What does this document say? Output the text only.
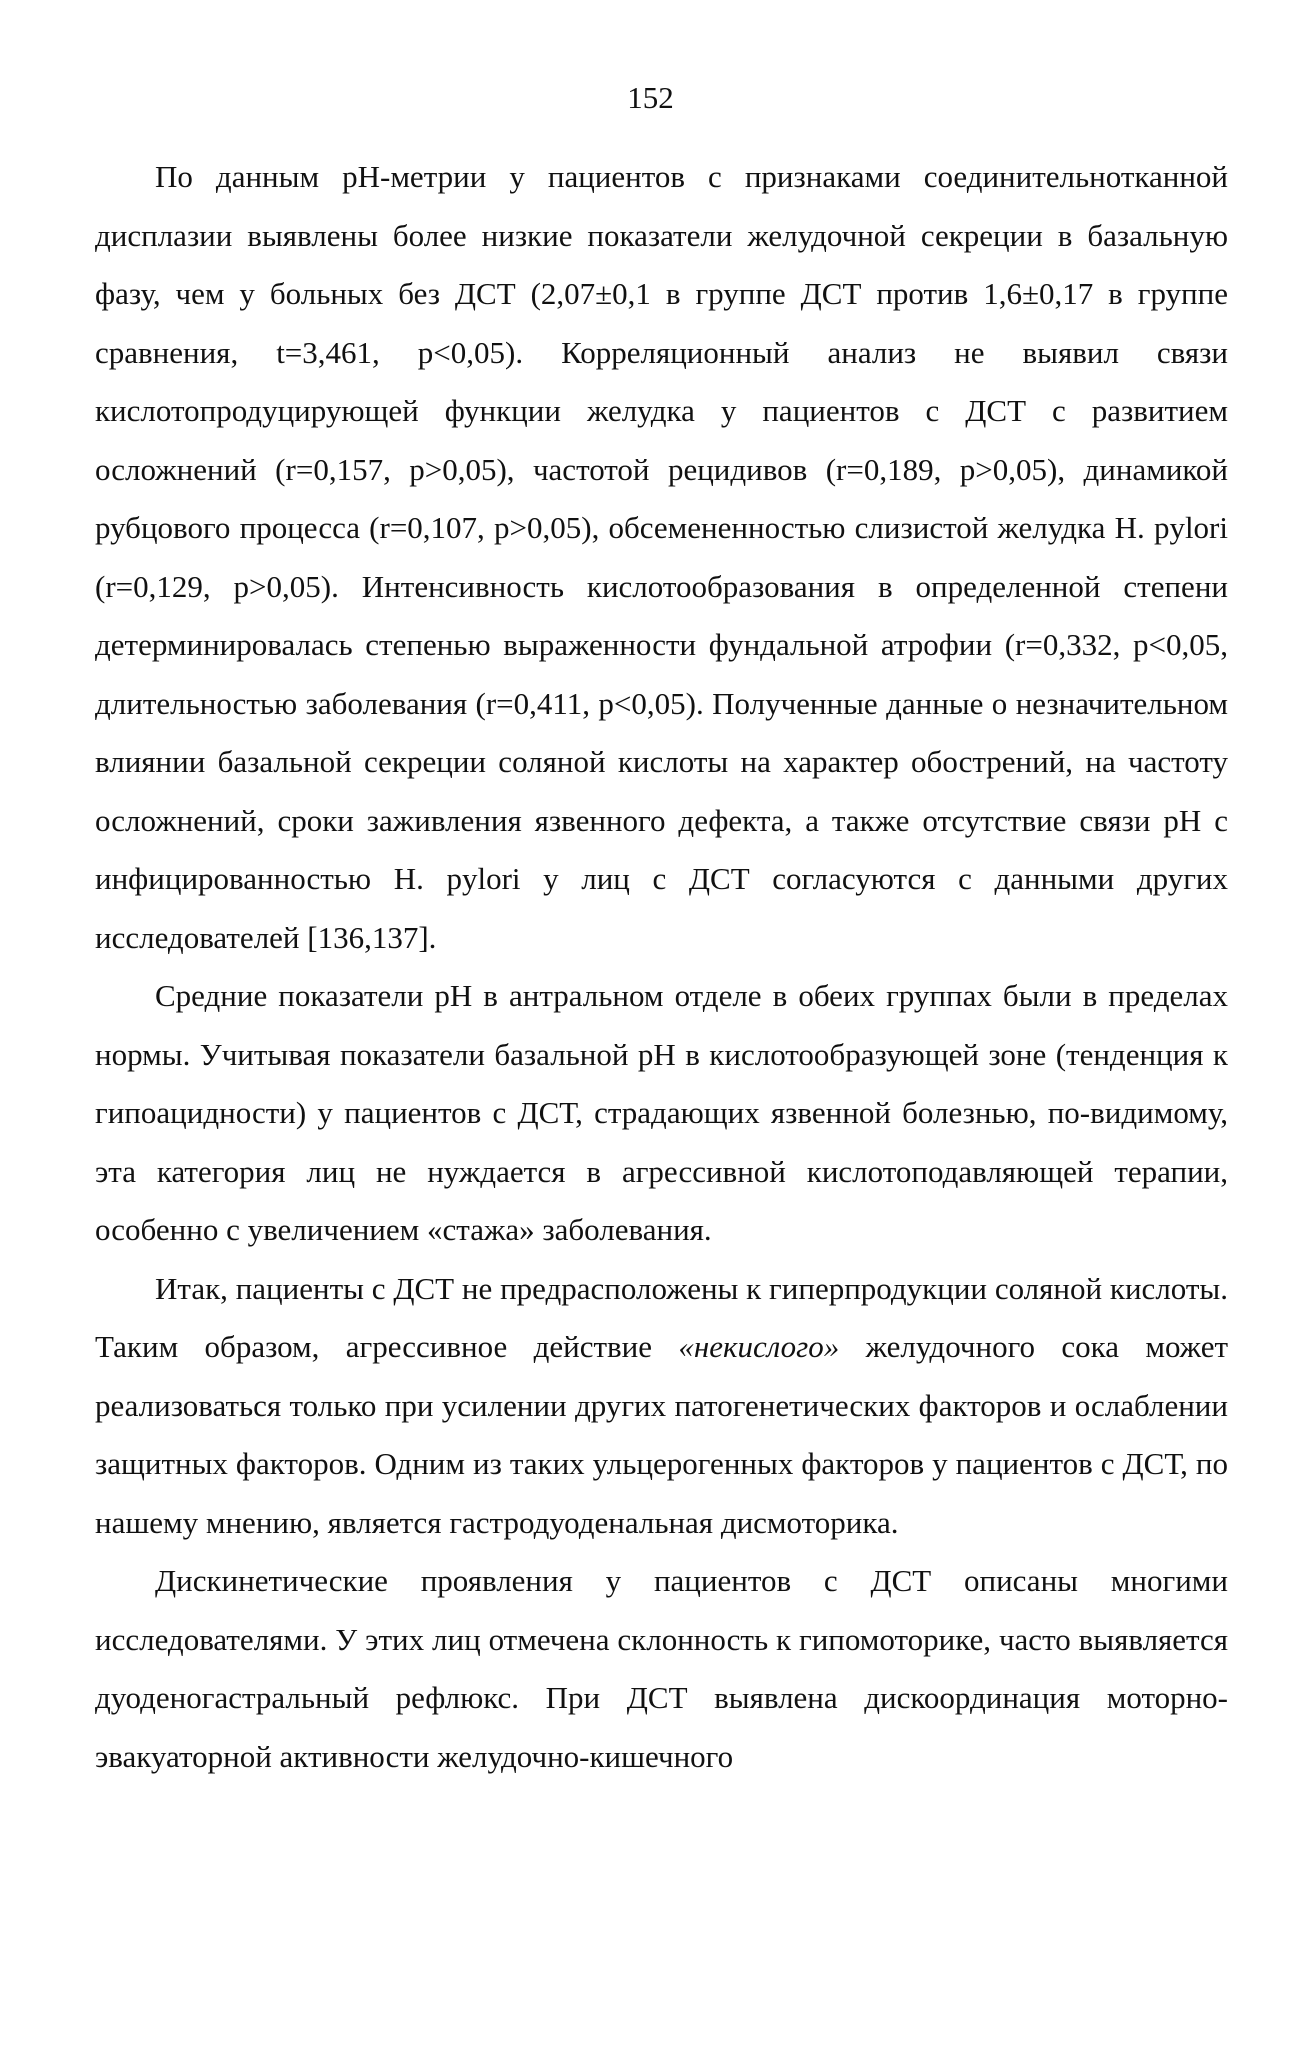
152

По данным pH-метрии у пациентов с признаками соединительнотканной дисплазии выявлены более низкие показатели желудочной секреции в базальную фазу, чем у больных без ДСТ (2,07±0,1 в группе ДСТ против 1,6±0,17 в группе сравнения, t=3,461, p<0,05). Корреляционный анализ не выявил связи кислотопродуцирующей функции желудка у пациентов с ДСТ с развитием осложнений (r=0,157, p>0,05), частотой рецидивов (r=0,189, p>0,05), динамикой рубцового процесса (r=0,107, p>0,05), обсемененностью слизистой желудка H. pylori (r=0,129, p>0,05). Интенсивность кислотообразования в определенной степени детерминировалась степенью выраженности фундальной атрофии (r=0,332, p<0,05, длительностью заболевания (r=0,411, p<0,05). Полученные данные о незначительном влиянии базальной секреции соляной кислоты на характер обострений, на частоту осложнений, сроки заживления язвенного дефекта, а также отсутствие связи pH с инфицированностью H. pylori у лиц с ДСТ согласуются с данными других исследователей [136,137].

Средние показатели pH в антральном отделе в обеих группах были в пределах нормы. Учитывая показатели базальной pH в кислотообразующей зоне (тенденция к гипоацидности) у пациентов с ДСТ, страдающих язвенной болезнью, по-видимому, эта категория лиц не нуждается в агрессивной кислотоподавляющей терапии, особенно с увеличением «стажа» заболевания.

Итак, пациенты с ДСТ не предрасположены к гиперпродукции соляной кислоты. Таким образом, агрессивное действие «некислого» желудочного сока может реализоваться только при усилении других патогенетических факторов и ослаблении защитных факторов. Одним из таких ульцерогенных факторов у пациентов с ДСТ, по нашему мнению, является гастродуоденальная дисмоторика.

Дискинетические проявления у пациентов с ДСТ описаны многими исследователями. У этих лиц отмечена склонность к гипомоторике, часто выявляется дуоденогастральный рефлюкс. При ДСТ выявлена дискоординация моторно-эвакуаторной активности желудочно-кишечного
